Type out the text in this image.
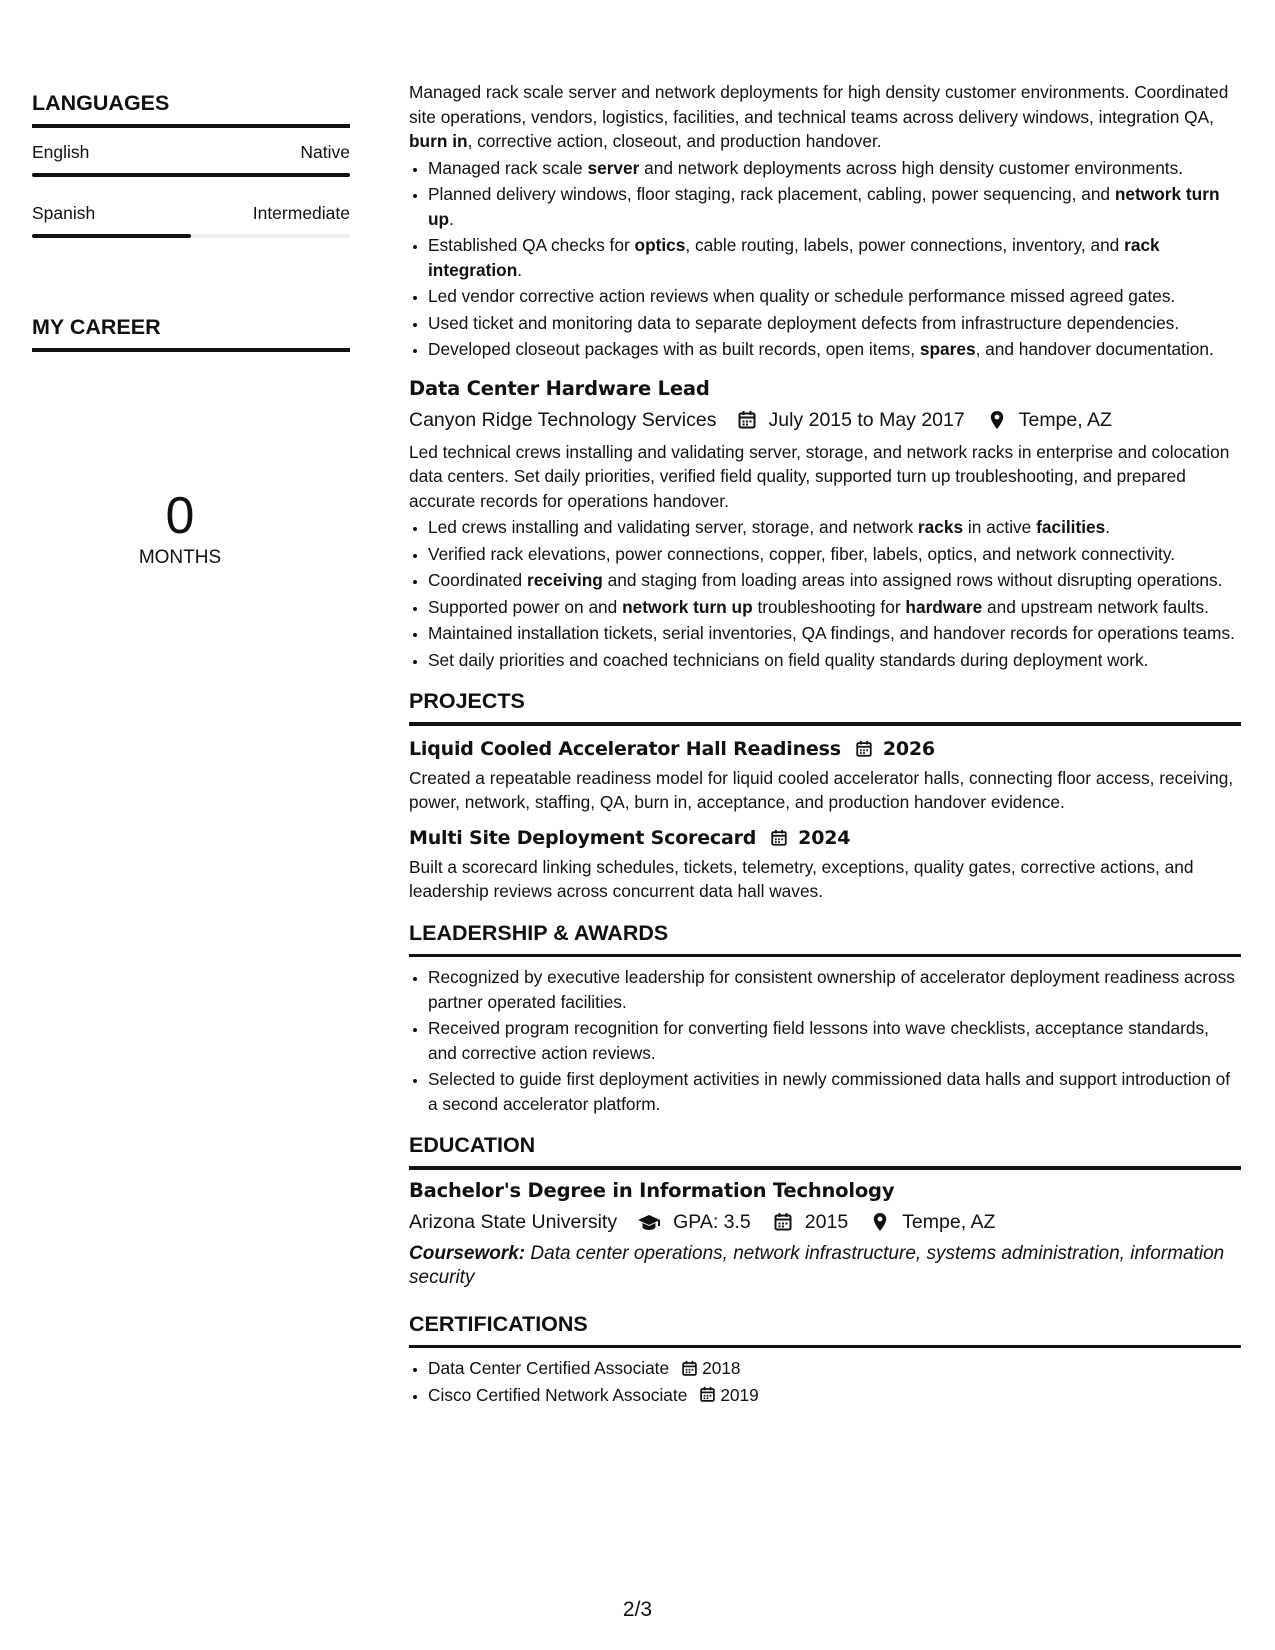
LANGUAGES
English	Native
Spanish	Intermediate
MY CAREER
0
MONTHS

Managed rack scale server and network deployments for high density customer environments. Coordinated site operations, vendors, logistics, facilities, and technical teams across delivery windows, integration QA, burn in, corrective action, closeout, and production handover.

• Managed rack scale server and network deployments across high density customer environments.
• Planned delivery windows, floor staging, rack placement, cabling, power sequencing, and network turn up.
• Established QA checks for optics, cable routing, labels, power connections, inventory, and rack integration.
• Led vendor corrective action reviews when quality or schedule performance missed agreed gates.
• Used ticket and monitoring data to separate deployment defects from infrastructure dependencies.
• Developed closeout packages with as built records, open items, spares, and handover documentation.
Data Center Hardware Lead
Canyon Ridge Technology Services	July 2015 to May 2017	Tempe, AZ

Led technical crews installing and validating server, storage, and network racks in enterprise and colocation data centers. Set daily priorities, verified field quality, supported turn up troubleshooting, and prepared accurate records for operations handover.

• Led crews installing and validating server, storage, and network racks in active facilities.
• Verified rack elevations, power connections, copper, fiber, labels, optics, and network connectivity.
• Coordinated receiving and staging from loading areas into assigned rows without disrupting operations.
• Supported power on and network turn up troubleshooting for hardware and upstream network faults.
• Maintained installation tickets, serial inventories, QA findings, and handover records for operations teams.
• Set daily priorities and coached technicians on field quality standards during deployment work.
PROJECTS
Liquid Cooled Accelerator Hall Readiness 2026

Created a repeatable readiness model for liquid cooled accelerator halls, connecting floor access, receiving, power, network, staffing, QA, burn in, acceptance, and production handover evidence.

Multi Site Deployment Scorecard 2024

Built a scorecard linking schedules, tickets, telemetry, exceptions, quality gates, corrective actions, and leadership reviews across concurrent data hall waves.

LEADERSHIP & AWARDS
• Recognized by executive leadership for consistent ownership of accelerator deployment readiness across partner operated facilities.
• Received program recognition for converting field lessons into wave checklists, acceptance standards, and corrective action reviews.
• Selected to guide first deployment activities in newly commissioned data halls and support introduction of a second accelerator platform.
EDUCATION
Bachelor's Degree in Information Technology
Arizona State University	GPA: 3.5	2015	Tempe, AZ

Coursework: Data center operations, network infrastructure, systems administration, information security

CERTIFICATIONS
• Data Center Certified Associate 2018
• Cisco Certified Network Associate 2019
2/3
